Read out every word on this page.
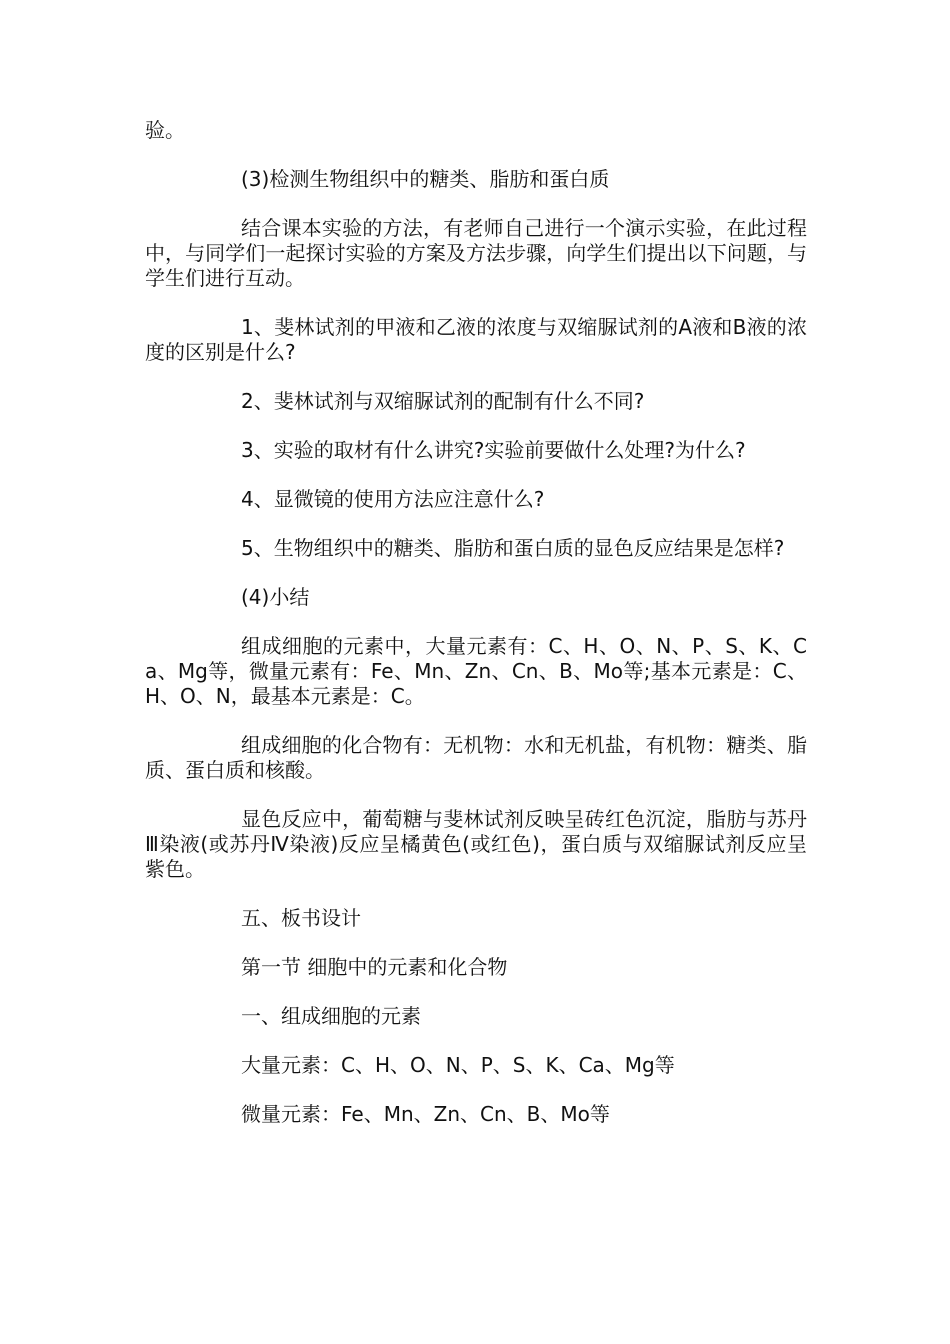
验。

(3)检测生物组织中的糖类、脂肪和蛋白质

结合课本实验的方法，有老师自己进行一个演示实验，在此过程中，与同学们一起探讨实验的方案及方法步骤，向学生们提出以下问题，与学生们进行互动。

1、斐林试剂的甲液和乙液的浓度与双缩脲试剂的A液和B液的浓度的区别是什么?

2、斐林试剂与双缩脲试剂的配制有什么不同?

3、实验的取材有什么讲究?实验前要做什么处理?为什么?

4、显微镜的使用方法应注意什么?

5、生物组织中的糖类、脂肪和蛋白质的显色反应结果是怎样?

(4)小结

组成细胞的元素中，大量元素有：C、H、O、N、P、S、K、Ca、Mg等，微量元素有：Fe、Mn、Zn、Cn、B、Mo等;基本元素是：C、H、O、N，最基本元素是：C。

组成细胞的化合物有：无机物：水和无机盐，有机物：糖类、脂质、蛋白质和核酸。

显色反应中，葡萄糖与斐林试剂反映呈砖红色沉淀，脂肪与苏丹Ⅲ染液(或苏丹Ⅳ染液)反应呈橘黄色(或红色)，蛋白质与双缩脲试剂反应呈紫色。

五、板书设计

第一节 细胞中的元素和化合物

一、组成细胞的元素

大量元素：C、H、O、N、P、S、K、Ca、Mg等

微量元素：Fe、Mn、Zn、Cn、B、Mo等
